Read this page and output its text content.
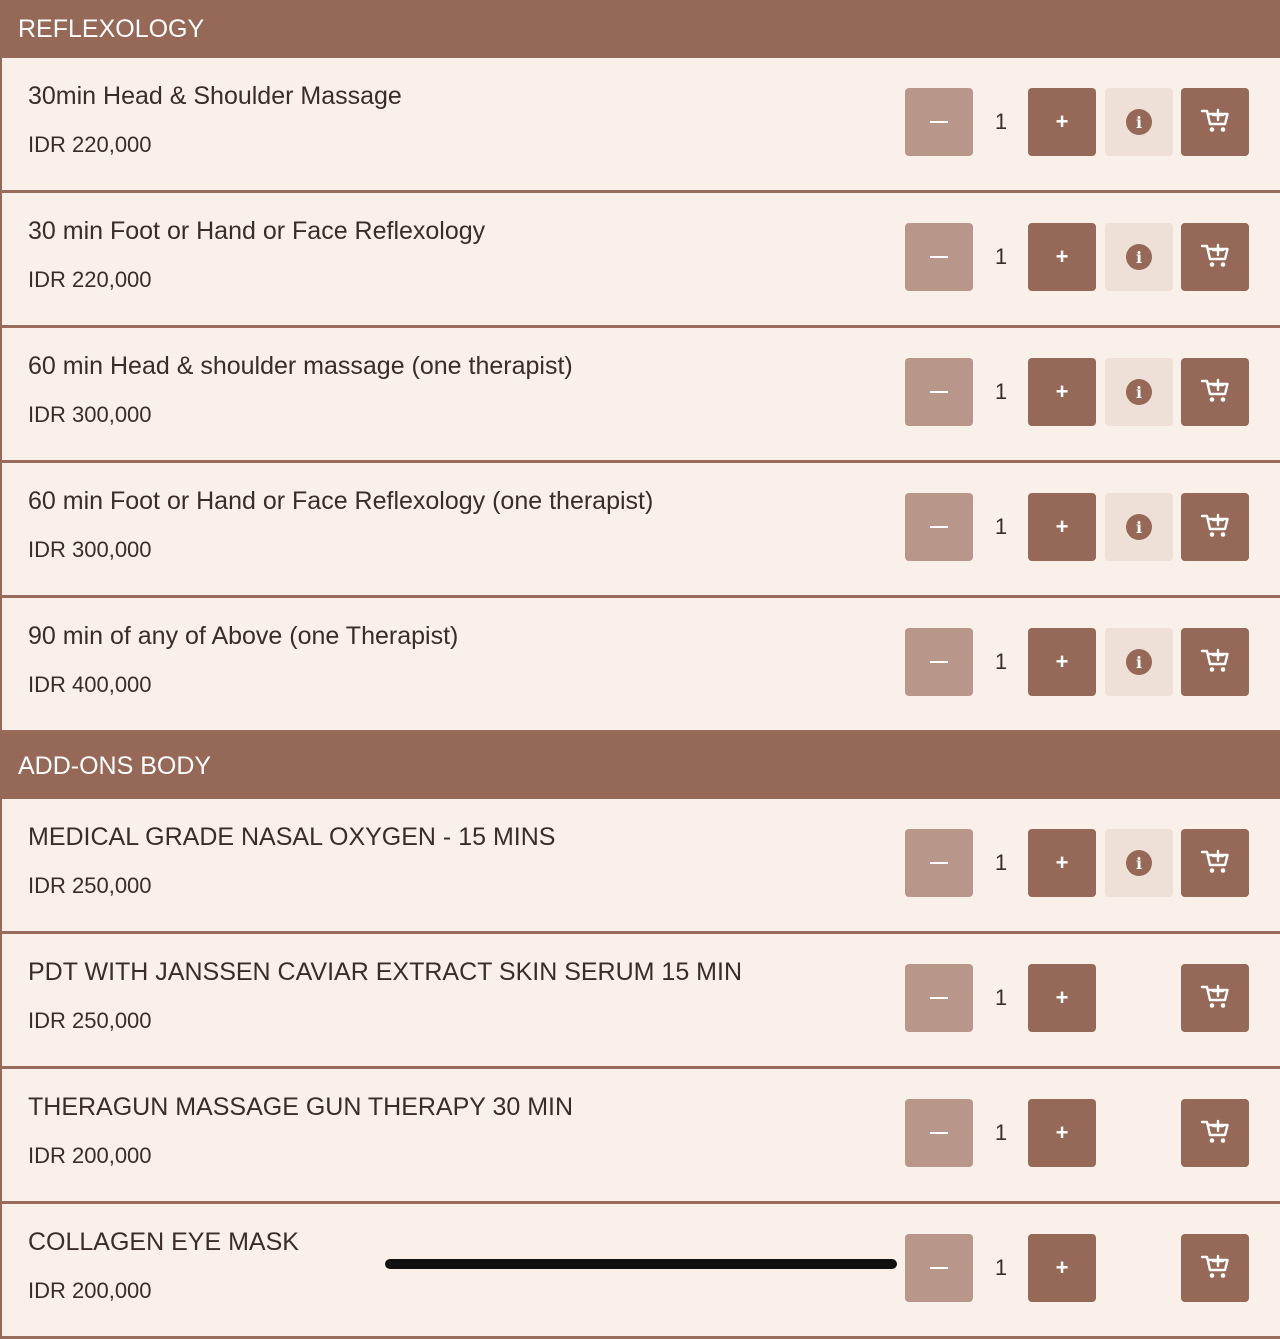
REFLEXOLOGY
30min Head & Shoulder Massage
IDR 220,000
1	+	i
30 min Foot or Hand or Face Reflexology
IDR 220,000
1	+	i
60 min Head & shoulder massage (one therapist)
IDR 300,000
1	+	i
60 min Foot or Hand or Face Reflexology (one therapist)
IDR 300,000
1	+	i
90 min of any of Above (one Therapist)
IDR 400,000
1	+	i
ADD-ONS BODY
MEDICAL GRADE NASAL OXYGEN - 15 MINS
IDR 250,000
1	+	i
PDT WITH JANSSEN CAVIAR EXTRACT SKIN SERUM 15 MIN
IDR 250,000
1	+
THERAGUN MASSAGE GUN THERAPY 30 MIN
IDR 200,000
1	+
COLLAGEN EYE MASK
IDR 200,000
1	+
